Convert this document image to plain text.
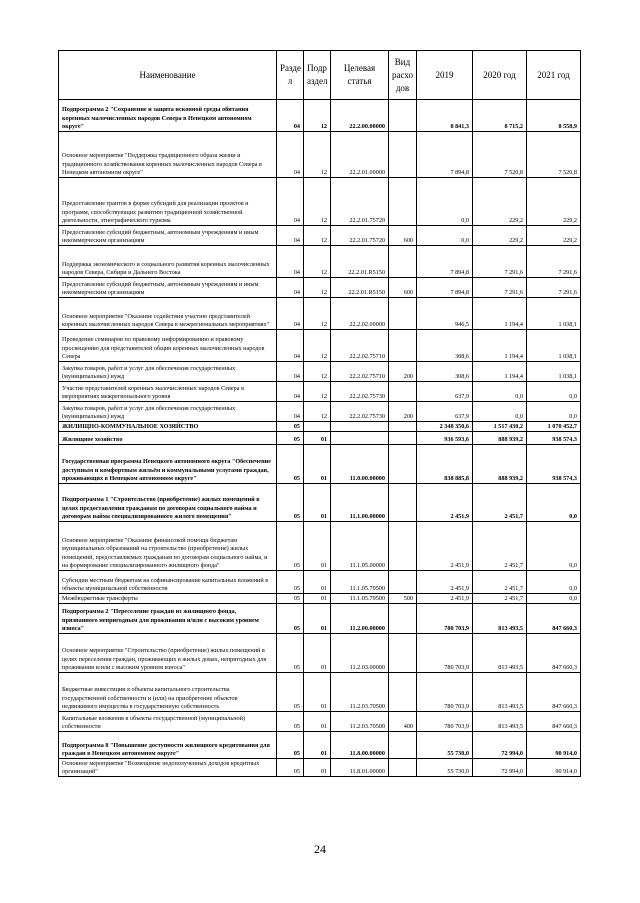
Наименование	Разде л	Подр аздел	Целевая статья	Вид расхо дов	2019	2020 год	2021 год
Подпрограмма 2 "Сохранение и защита исконной среды обитания коренных малочисленных народов Севера в Ненецком автономном округе"	04	12	22.2.00.00000		8 841,3	8 715,2	8 558,9
Основное мероприятие "Поддержка традиционного образа жизни и традиционного хозяйствования коренных малочисленных народов Севера в Ненецком автономном округе"	04	12	22.2.01.00000		7 894,8	7 520,8	7 520,8
Предоставление грантов в форме субсидий для реализации проектов и программ, способствующих развитию традиционной хозяйственной деятельности, этнографического туризма	04	12	22.2.01.75720		0,0	229,2	229,2
Предоставление субсидий бюджетным, автономным учреждениям и иным некоммерческим организациям	04	12	22.2.01.75720	600	0,0	229,2	229,2
Поддержка экономического и социального развития коренных малочисленных народов Севера, Сибири и Дальнего Востока	04	12	22.2.01.R5150		7 894,8	7 291,6	7 291,6
Предоставление субсидий бюджетным, автономным учреждениям и иным некоммерческим организациям	04	12	22.2.01.R5150	600	7 894,8	7 291,6	7 291,6
Основное мероприятие "Оказание содействия участию представителей коренных малочисленных народов Севера в межрегиональных мероприятиях"	04	12	22.2.02.00000		946,5	1 194,4	1 038,1
Проведение семинаров по правовому информированию и правовому просвещению для представителей общин коренных малочисленных народов Севера	04	12	22.2.02.75710		308,6	1 194,4	1 038,1
Закупка товаров, работ и услуг для обеспечения государственных (муниципальных) нужд	04	12	22.2.02.75710	200	308,6	1 194,4	1 038,1
Участие представителей коренных малочисленных народов Севера в мероприятиях межрегионального уровня	04	12	22.2.02.75730		637,9	0,0	0,0
Закупка товаров, работ и услуг для обеспечения государственных (муниципальных) нужд	04	12	22.2.02.75730	200	637,9	0,0	0,0
ЖИЛИЩНО-КОММУНАЛЬНОЕ ХОЗЯЙСТВО	05				2 348 350,6	1 517 430,2	1 070 452,7
Жилищное хозяйство	05	01			936 593,6	888 939,2	938 574,3
Государственная программа Ненецкого автономного округа "Обеспечение доступным и комфортным жильём и коммунальными услугами граждан, проживающих в Ненецком автономном округе"	05	01	11.0.00.00000		838 885,8	888 939,2	938 574,3
Подпрограмма 1 "Строительство (приобретение) жилых помещений в целях предоставления гражданам по договорам социального найма и договорам найма специализированного жилого помещения"	05	01	11.1.00.00000		2 451,9	2 451,7	0,0
Основное мероприятие "Оказание финансовой помощи бюджетам муниципальных образований на строительство (приобретение) жилых помещений, предоставляемых гражданам по договорам социального найма, и на формирование специализированного жилищного фонда"	05	01	11.1.05.00000		2 451,9	2 451,7	0,0
Субсидии местным бюджетам на софинансирование капитальных вложений в объекты муниципальной собственности	05	01	11.1.05.79500		2 451,9	2 451,7	0,0
Межбюджетные трансферты	05	01	11.1.05.79500	500	2 451,9	2 451,7	0,0
Подпрограмма 2 "Переселение граждан из жилищного фонда, признанного непригодным для проживания и/или с высоким уровнем износа"	05	01	11.2.00.00000		780 703,9	813 493,5	847 660,3
Основное мероприятие "Строительство (приобретение) жилых помещений в целях переселения граждан, проживающих в жилых домах, непригодных для проживания и/или с высоким уровнем износа"	05	01	11.2.03.00000		780 703,9	813 493,5	847 660,3
Бюджетные инвестиции в объекты капитального строительства государственной собственности и (или) на приобретение объектов недвижимого имущества в государственную собственность	05	01	11.2.03.70500		780 703,9	813 493,5	847 660,3
Капитальные вложения в объекты государственной (муниципальной) собственности	05	01	11.2.03.70500	400	780 703,9	813 493,5	847 660,3
Подпрограмма 8 "Повышение доступности жилищного кредитования для граждан в Ненецком автономном округе"	05	01	11.8.00.00000		55 730,0	72 994,0	90 914,0
Основное мероприятие "Возмещение недополученных доходов кредитных организаций"	05	01	11.8.01.00000		55 730,0	72 994,0	90 914,0
24
